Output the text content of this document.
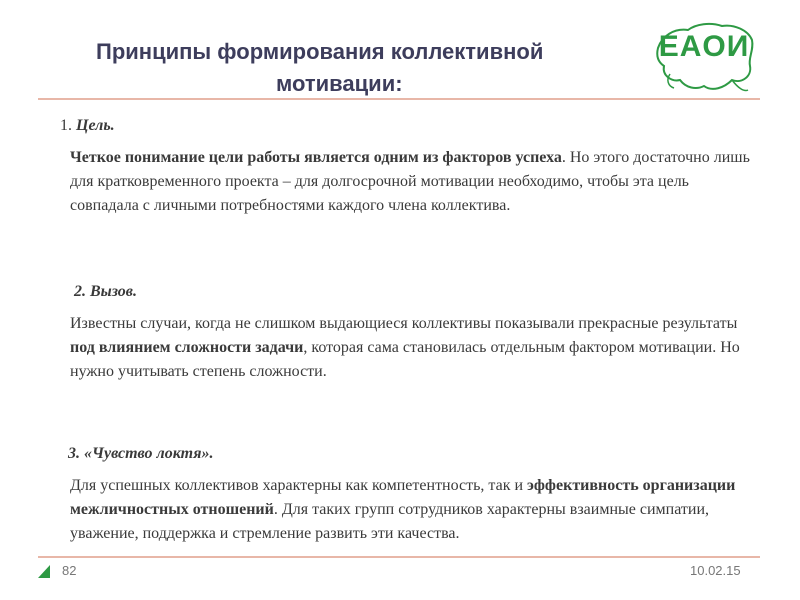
Принципы формирования коллективной
мотивации:
EAOИ
1. Цель.
Четкое понимание цели работы является одним из факторов успеха. Но этого достаточно лишь для кратковременного проекта – для долгосрочной мотивации необходимо, чтобы эта цель совпадала с личными потребностями каждого члена коллектива.
2. Вызов.
Известны случаи, когда не слишком выдающиеся коллективы показывали прекрасные результаты под влиянием сложности задачи, которая сама становилась отдельным фактором мотивации. Но нужно учитывать степень сложности.
3. «Чувство локтя».
Для успешных коллективов характерны как компетентность, так и эффективность организации межличностных отношений. Для таких групп сотрудников характерны взаимные симпатии, уважение, поддержка и стремление развить эти качества.
82	10.02.15
